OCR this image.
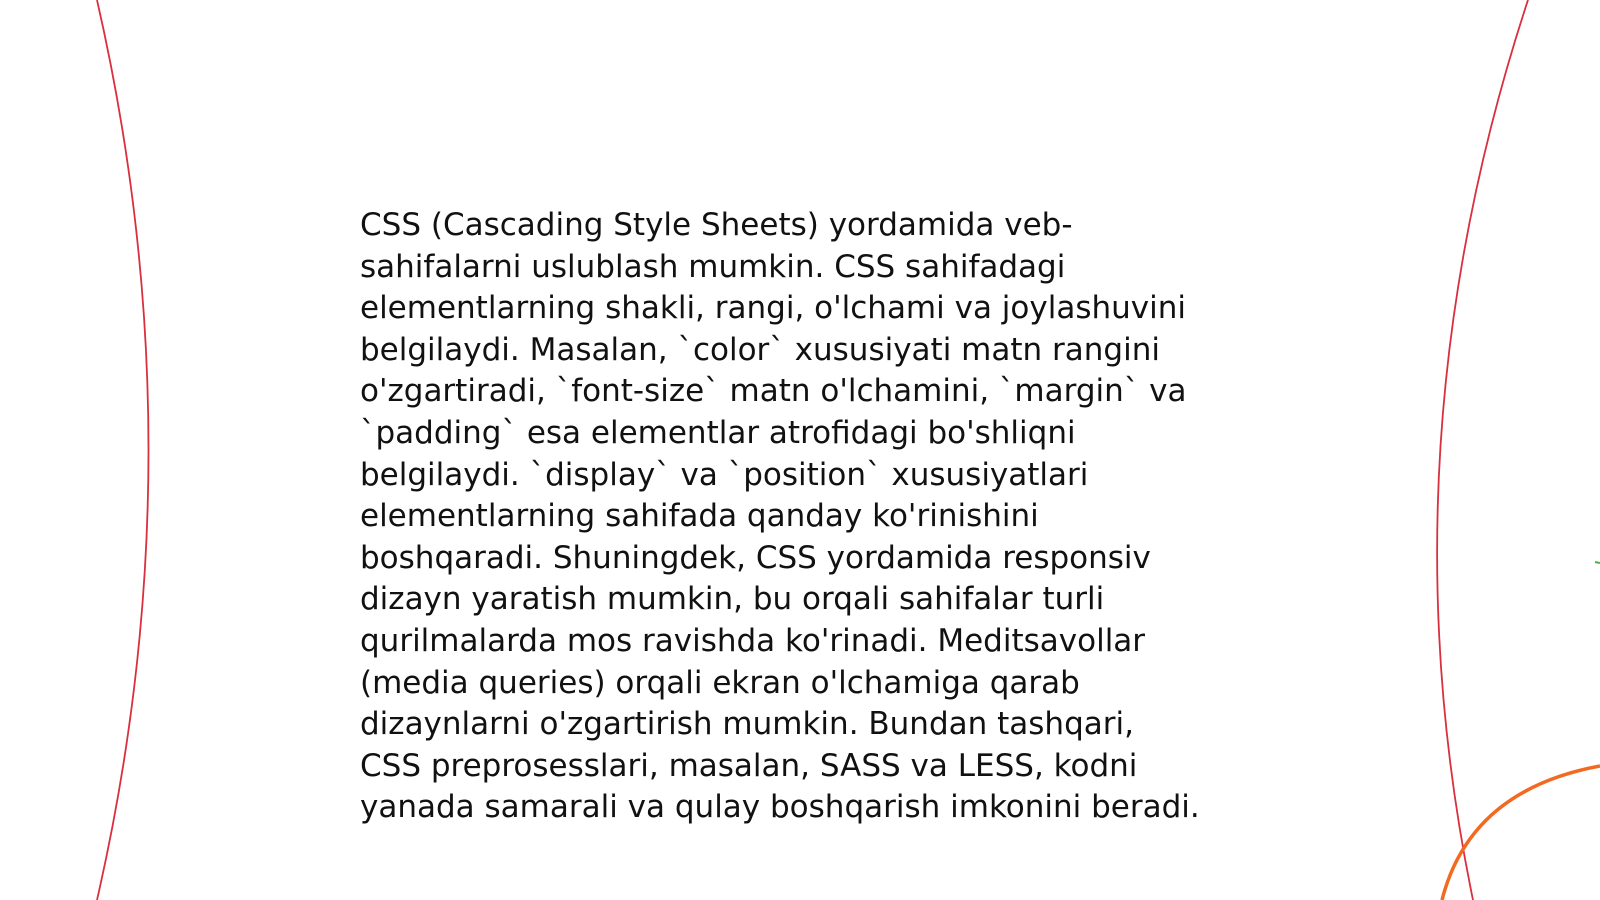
CSS (Cascading Style Sheets) yordamida veb-
sahifalarni uslublash mumkin. CSS sahifadagi
elementlarning shakli, rangi, o'lchami va joylashuvini
belgilaydi. Masalan, `color` xususiyati matn rangini
o'zgartiradi, `font-size` matn o'lchamini, `margin` va
`padding` esa elementlar atrofidagi bo'shliqni
belgilaydi. `display` va `position` xususiyatlari
elementlarning sahifada qanday ko'rinishini
boshqaradi. Shuningdek, CSS yordamida responsiv
dizayn yaratish mumkin, bu orqali sahifalar turli
qurilmalarda mos ravishda ko'rinadi. Meditsavollar
(media queries) orqali ekran o'lchamiga qarab
dizaynlarni o'zgartirish mumkin. Bundan tashqari,
CSS preprosesslari, masalan, SASS va LESS, kodni
yanada samarali va qulay boshqarish imkonini beradi.
